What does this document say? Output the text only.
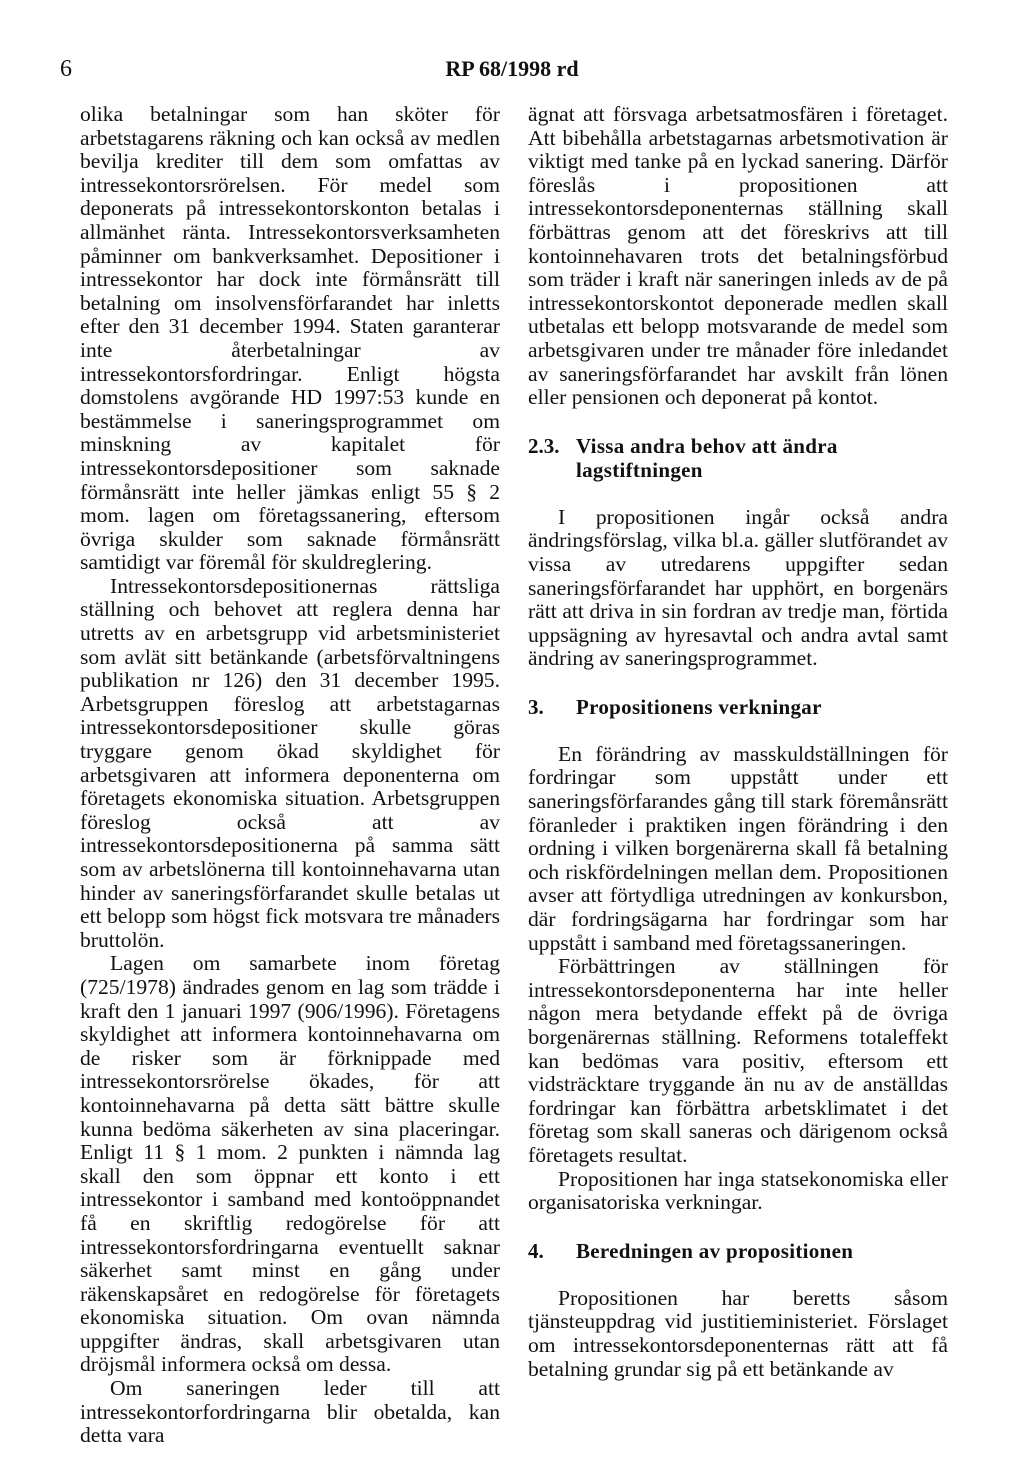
6	RP 68/1998 rd

olika betalningar som han sköter för arbetstagarens räkning och kan också av medlen bevilja krediter till dem som omfattas av intressekontorsrörelsen. För medel som deponerats på intressekontorskonton betalas i allmänhet ränta. Intressekontorsverksamheten påminner om bankverksamhet. Depositioner i intressekontor har dock inte förmånsrätt till betalning om insolvensförfarandet har inletts efter den 31 december 1994. Staten garanterar inte återbetalningar av intressekontorsfordringar. Enligt högsta domstolens avgörande HD 1997:53 kunde en bestämmelse i saneringsprogrammet om minskning av kapitalet för intressekontorsdepositioner som saknade förmånsrätt inte heller jämkas enligt 55 § 2 mom. lagen om företagssanering, eftersom övriga skulder som saknade förmånsrätt samtidigt var föremål för skuldreglering.

Intressekontorsdepositionernas rättsliga ställning och behovet att reglera denna har utretts av en arbetsgrupp vid arbetsministeriet som avlät sitt betänkande (arbetsförvaltningens publikation nr 126) den 31 december 1995. Arbetsgruppen föreslog att arbetstagarnas intressekontorsdepositioner skulle göras tryggare genom ökad skyldighet för arbetsgivaren att informera deponenterna om företagets ekonomiska situation. Arbetsgruppen föreslog också att av intressekontorsdepositionerna på samma sätt som av arbetslönerna till kontoinnehavarna utan hinder av saneringsförfarandet skulle betalas ut ett belopp som högst fick motsvara tre månaders bruttolön.

Lagen om samarbete inom företag (725/1978) ändrades genom en lag som trädde i kraft den 1 januari 1997 (906/1996). Företagens skyldighet att informera kontoinnehavarna om de risker som är förknippade med intressekontorsrörelse ökades, för att kontoinnehavarna på detta sätt bättre skulle kunna bedöma säkerheten av sina placeringar. Enligt 11 § 1 mom. 2 punkten i nämnda lag skall den som öppnar ett konto i ett intressekontor i samband med kontoöppnandet få en skriftlig redogörelse för att intressekontorsfordringarna eventuellt saknar säkerhet samt minst en gång under räkenskapsåret en redogörelse för företagets ekonomiska situation. Om ovan nämnda uppgifter ändras, skall arbetsgivaren utan dröjsmål informera också om dessa.

Om saneringen leder till att intressekontorfordringarna blir obetalda, kan detta vara

ägnat att försvaga arbetsatmosfären i företaget. Att bibehålla arbetstagarnas arbetsmotivation är viktigt med tanke på en lyckad sanering. Därför föreslås i propositionen att intressekontorsdeponenternas ställning skall förbättras genom att det föreskrivs att till kontoinnehavaren trots det betalningsförbud som träder i kraft när saneringen inleds av de på intressekontorskontot deponerade medlen skall utbetalas ett belopp motsvarande de medel som arbetsgivaren under tre månader före inledandet av saneringsförfarandet har avskilt från lönen eller pensionen och deponerat på kontot.

2.3. Vissa andra behov att ändra lagstiftningen

I propositionen ingår också andra ändringsförslag, vilka bl.a. gäller slutförandet av vissa av utredarens uppgifter sedan saneringsförfarandet har upphört, en borgenärs rätt att driva in sin fordran av tredje man, förtida uppsägning av hyresavtal och andra avtal samt ändring av saneringsprogrammet.

3.	Propositionens verkningar

En förändring av masskuldställningen för fordringar som uppstått under ett saneringsförfarandes gång till stark föremånsrätt föranleder i praktiken ingen förändring i den ordning i vilken borgenärerna skall få betalning och riskfördelningen mellan dem. Propositionen avser att förtydliga utredningen av konkursbon, där fordringsägarna har fordringar som har uppstått i samband med företagssaneringen.

Förbättringen av ställningen för intressekontorsdeponenterna har inte heller någon mera betydande effekt på de övriga borgenärernas ställning. Reformens totaleffekt kan bedömas vara positiv, eftersom ett vidsträcktare tryggande än nu av de anställdas fordringar kan förbättra arbetsklimatet i det företag som skall saneras och därigenom också företagets resultat.

Propositionen har inga statsekonomiska eller organisatoriska verkningar.

4.	Beredningen av propositionen

Propositionen har beretts såsom tjänsteuppdrag vid justitieministeriet. Förslaget om intressekontorsdeponenternas rätt att få betalning grundar sig på ett betänkande av
